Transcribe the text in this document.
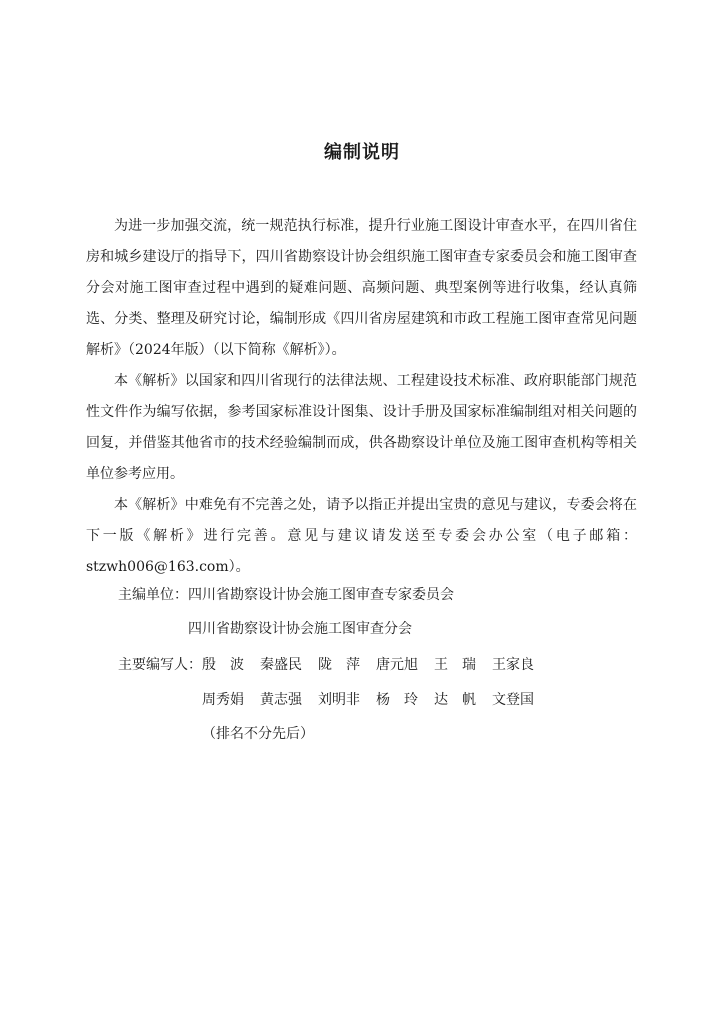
编制说明

为进一步加强交流，统一规范执行标准，提升行业施工图设计审查水平，在四川省住房和城乡建设厅的指导下，四川省勘察设计协会组织施工图审查专家委员会和施工图审查分会对施工图审查过程中遇到的疑难问题、高频问题、典型案例等进行收集，经认真筛选、分类、整理及研究讨论，编制形成《四川省房屋建筑和市政工程施工图审查常见问题解析》（2024年版）（以下简称《解析》）。

本《解析》以国家和四川省现行的法律法规、工程建设技术标准、政府职能部门规范性文件作为编写依据，参考国家标准设计图集、设计手册及国家标准编制组对相关问题的回复，并借鉴其他省市的技术经验编制而成，供各勘察设计单位及施工图审查机构等相关单位参考应用。

本《解析》中难免有不完善之处，请予以指正并提出宝贵的意见与建议，专委会将在下一版《解析》进行完善。意见与建议请发送至专委会办公室（电子邮箱：stzwh006@163.com）。

主编单位： 四川省勘察设计协会施工图审查专家委员会
四川省勘察设计协会施工图审查分会
主要编写人： 殷　波 秦盛民 陇　萍 唐元旭 王　瑞 王家良
周秀娟 黄志强 刘明非 杨　玲 达　帆 文登国
（排名不分先后）
